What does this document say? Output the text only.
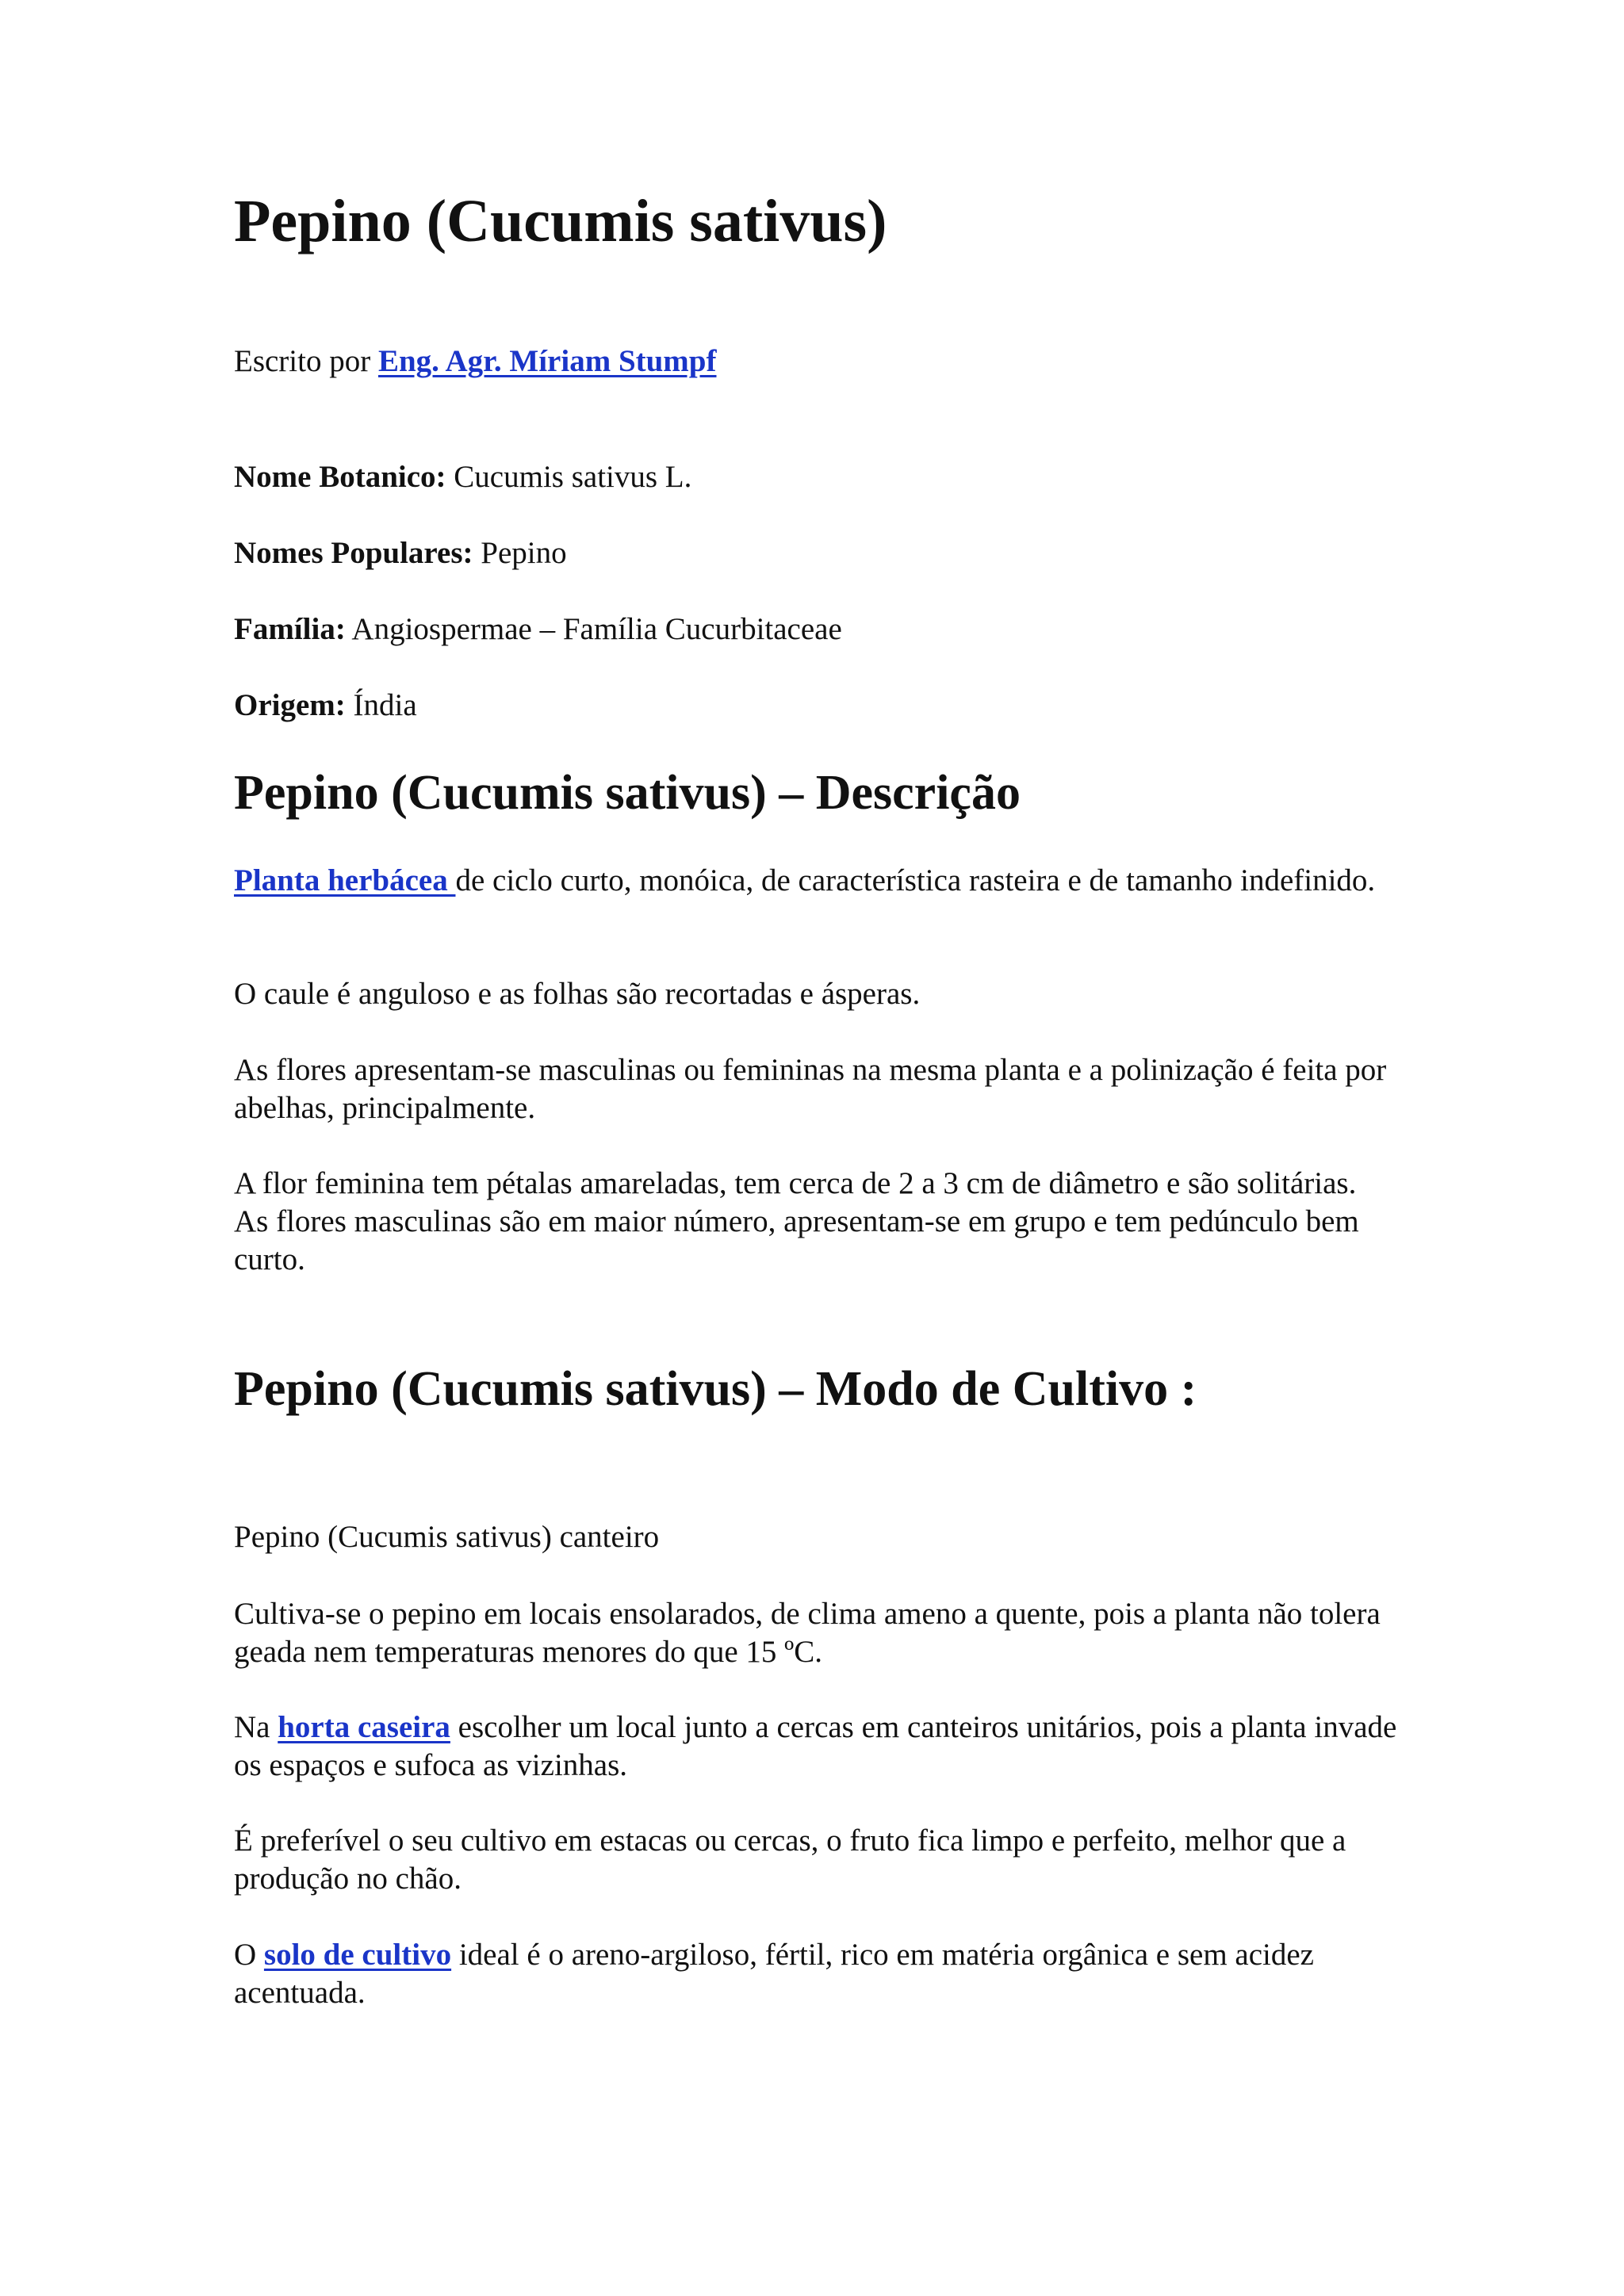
Pepino (Cucumis sativus)

Escrito por Eng. Agr. Míriam Stumpf

Nome Botanico: Cucumis sativus L.

Nomes Populares: Pepino

Família: Angiospermae – Família Cucurbitaceae

Origem: Índia

Pepino (Cucumis sativus) – Descrição

Planta herbácea de ciclo curto, monóica, de característica rasteira e de tamanho indefinido.

O caule é anguloso e as folhas são recortadas e ásperas.

As flores apresentam-se masculinas ou femininas na mesma planta e a polinização é feita por abelhas, principalmente.

A flor feminina tem pétalas amareladas, tem cerca de 2 a 3 cm de diâmetro e são solitárias.
As flores masculinas são em maior número, apresentam-se em grupo e tem pedúnculo bem curto.

Pepino (Cucumis sativus) – Modo de Cultivo :

Pepino (Cucumis sativus) canteiro

Cultiva-se o pepino em locais ensolarados, de clima ameno a quente, pois a planta não tolera geada nem temperaturas menores do que 15 ºC.

Na horta caseira escolher um local junto a cercas em canteiros unitários, pois a planta invade os espaços e sufoca as vizinhas.

É preferível o seu cultivo em estacas ou cercas, o fruto fica limpo e perfeito, melhor que a produção no chão.

O solo de cultivo ideal é o areno-argiloso, fértil, rico em matéria orgânica e sem acidez acentuada.
